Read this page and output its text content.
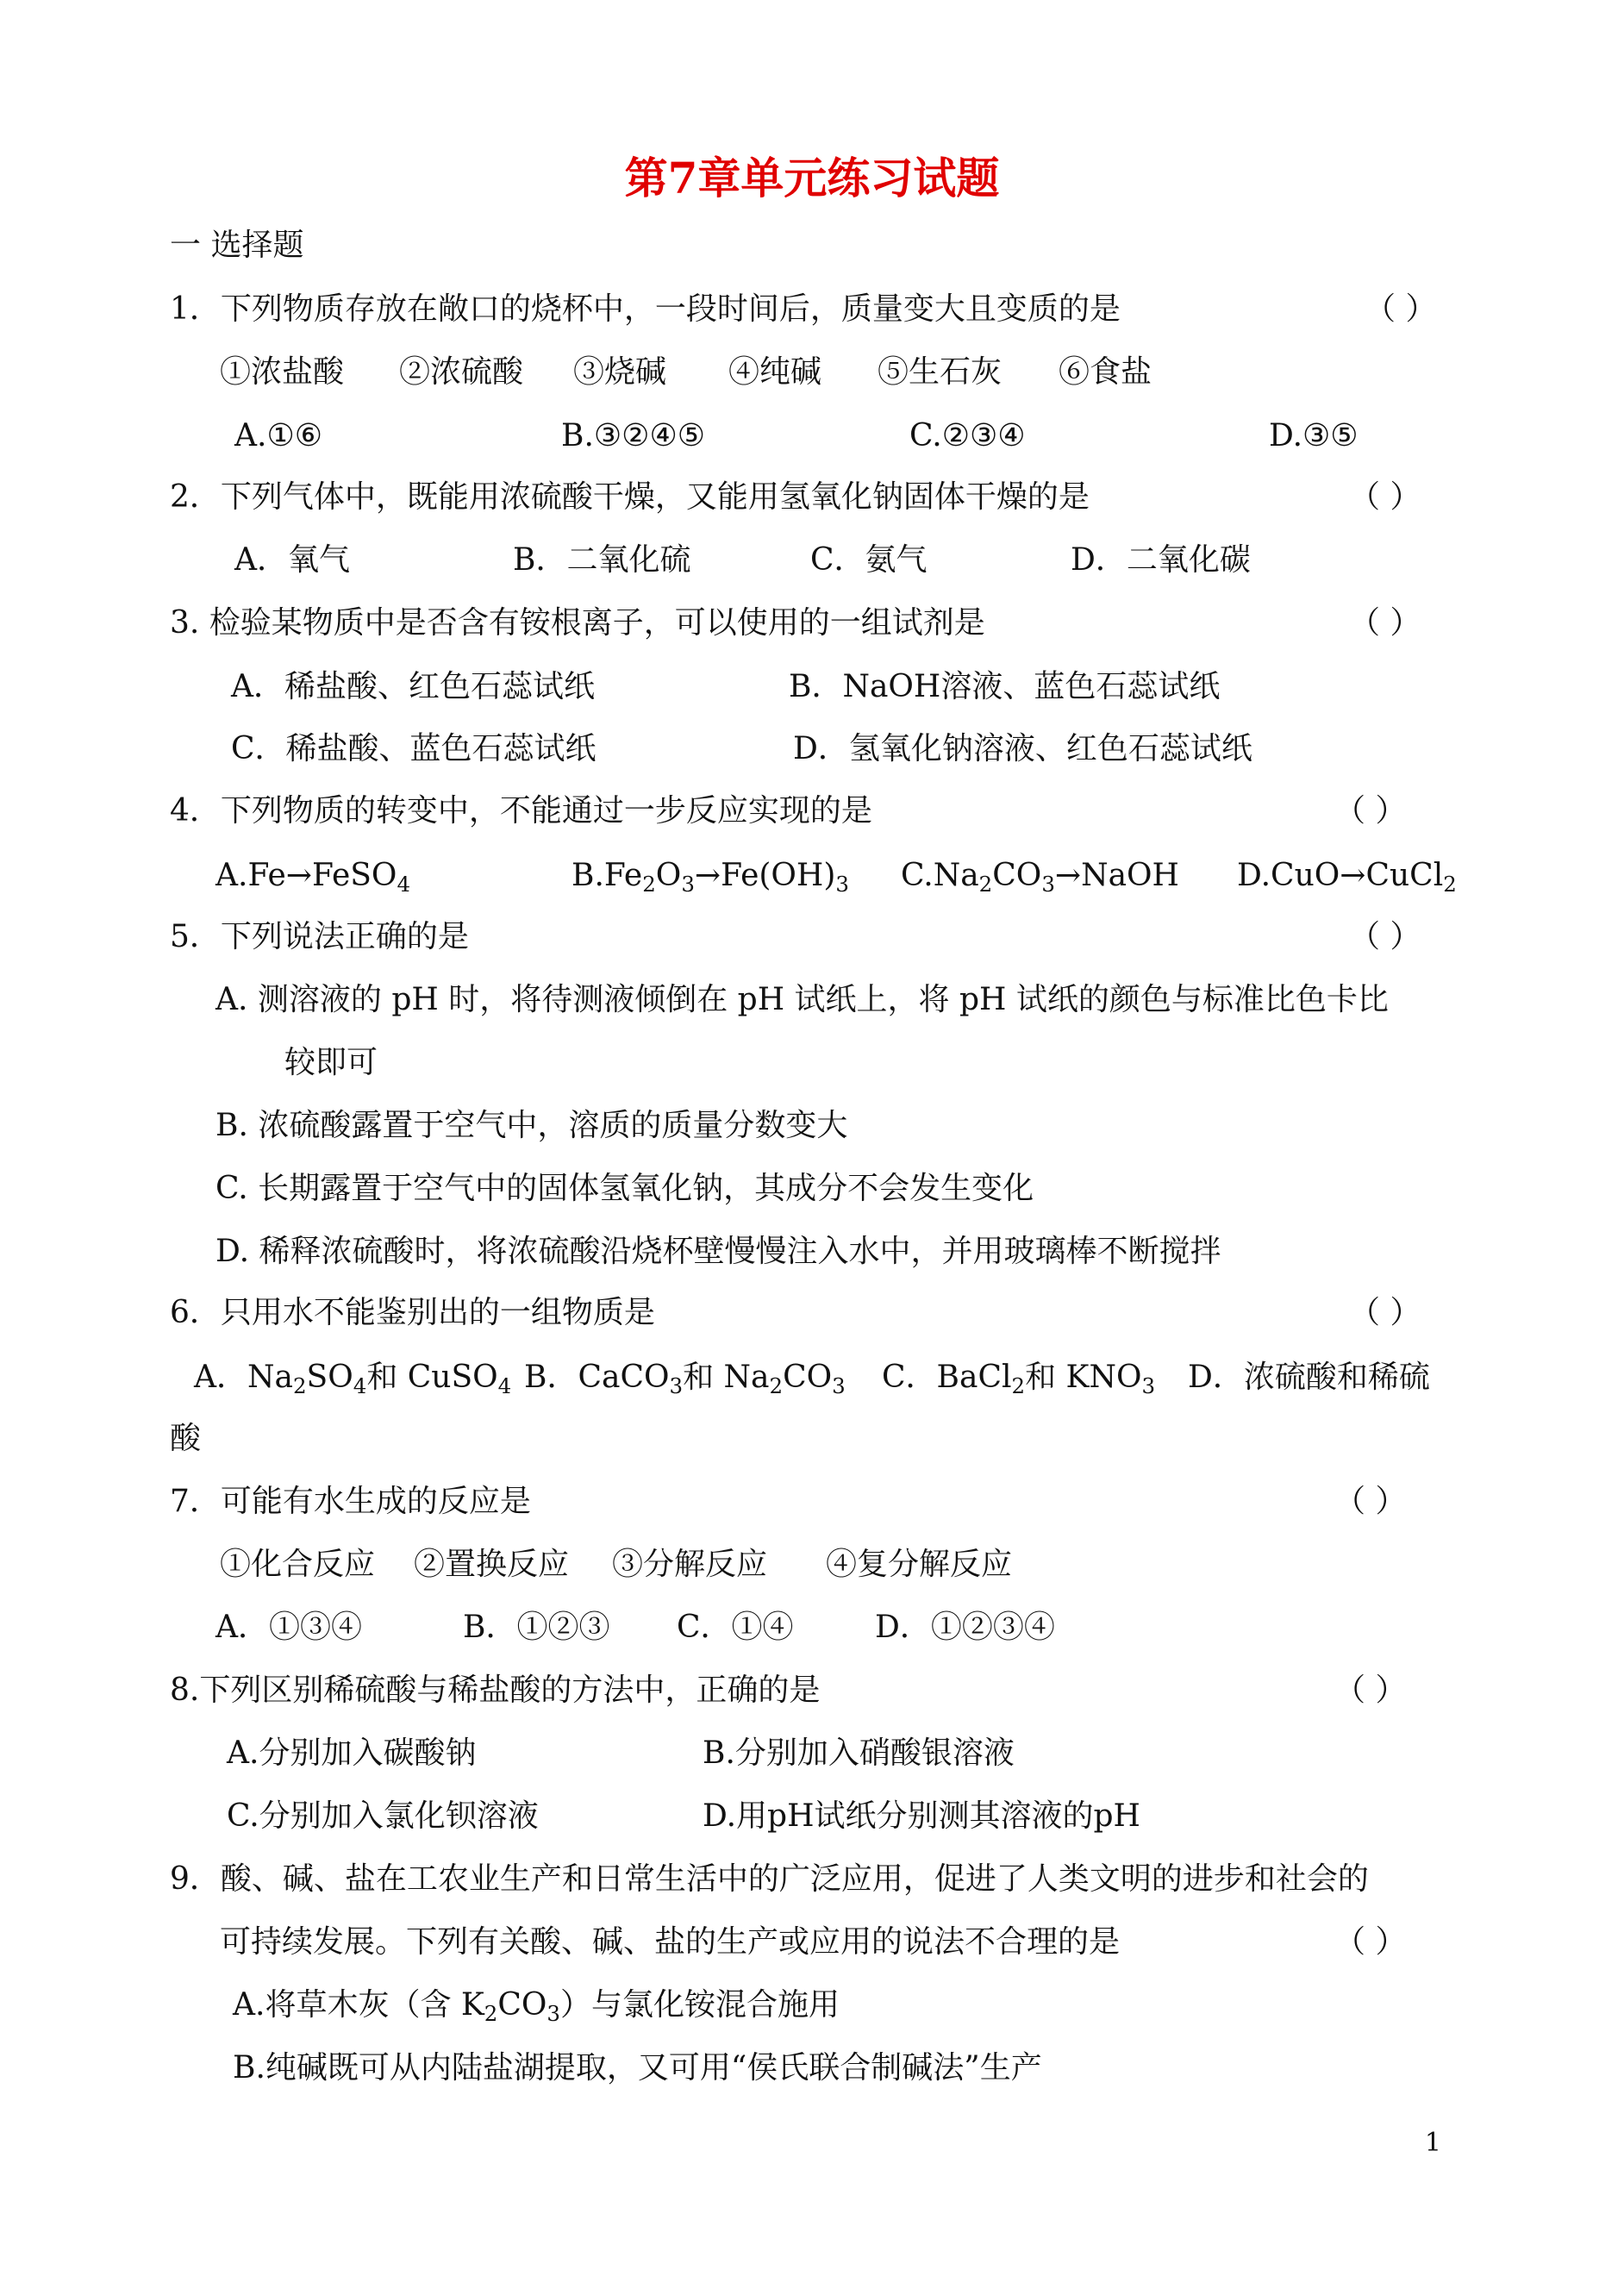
第7章单元练习试题
一 选择题
1．下列物质存放在敞口的烧杯中，一段时间后，质量变大且变质的是	（ ）
①浓盐酸 ②浓硫酸 ③烧碱 ④纯碱 ⑤生石灰 ⑥食盐
A.①⑥	B.③②④⑤	C.②③④	D.③⑤
2．下列气体中，既能用浓硫酸干燥，又能用氢氧化钠固体干燥的是	（ ）
A．氧气	B．二氧化硫	C．氨气	D．二氧化碳
3. 检验某物质中是否含有铵根离子，可以使用的一组试剂是	（ ）
A．稀盐酸、红色石蕊试纸	B．NaOH溶液、蓝色石蕊试纸
C．稀盐酸、蓝色石蕊试纸	D．氢氧化钠溶液、红色石蕊试纸
4．下列物质的转变中，不能通过一步反应实现的是	（ ）
A.Fe→FeSO$_4$	$B.Fe_2O_3\to Fe(OH)_3$ $C.Na_2CO_3\to NaOH$ D.CuO→CuCl$_2$
5．下列说法正确的是	（ ）
A. 测溶液的 pH 时，将待测液倾倒在 pH 试纸上，将 pH 试纸的颜色与标准比色卡比
较即可
B. 浓硫酸露置于空气中，溶质的质量分数变大
C. 长期露置于空气中的固体氢氧化钠，其成分不会发生变化
D. 稀释浓硫酸时，将浓硫酸沿烧杯壁慢慢注入水中，并用玻璃棒不断搅拌
6．只用水不能鉴别出的一组物质是	（ ）
A．$Na_2SO_4$和 CuSO$_4$ B．CaCO$_3$和 $Na_2CO_3$ C．BaCl$_2$和 $KNO_3$ D．浓硫酸和稀硫
酸
7．可能有水生成的反应是	（ ）
①化合反应 ②置换反应 ③分解反应 ④复分解反应
A．①③④	B．①②③ C．①④	D．①②③④
8.下列区别稀硫酸与稀盐酸的方法中，正确的是	（ ）
A.分别加入碳酸钠	B.分别加入硝酸银溶液
C.分别加入氯化钡溶液	D.用pH试纸分别测其溶液的pH
9．酸、碱、盐在工农业生产和日常生活中的广泛应用，促进了人类文明的进步和社会的
可持续发展。下列有关酸、碱、盐的生产或应用的说法不合理的是	（ ）
A.将草木灰（含 $K_2CO_3$）与氯化铵混合施用
B.纯碱既可从内陆盐湖提取，又可用“侯氏联合制碱法”生产
1
